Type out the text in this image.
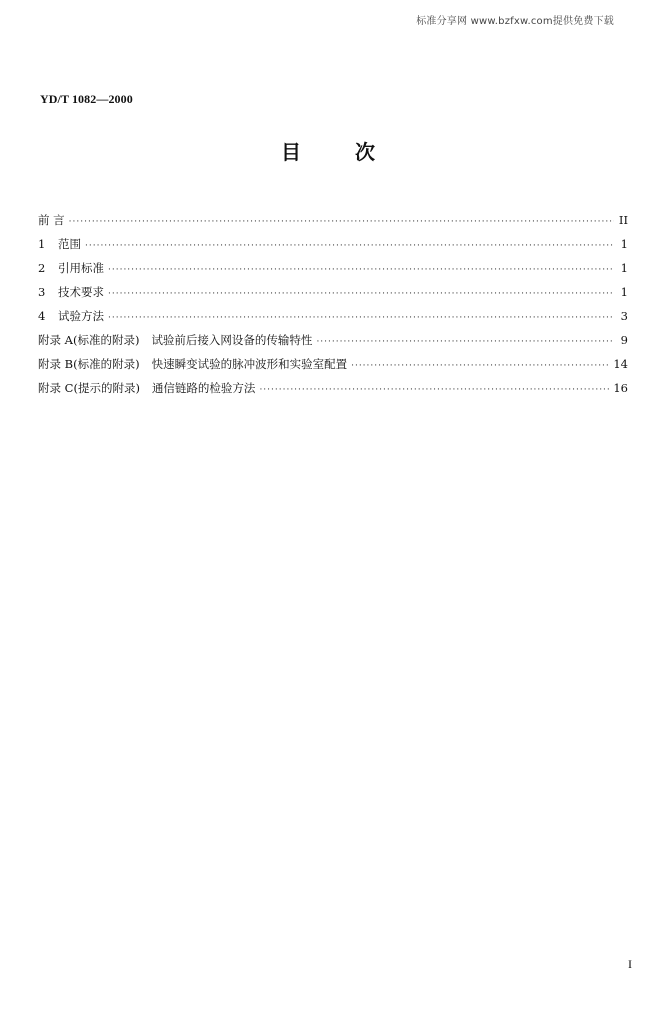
标准分享网 www.bzfxw.com提供免费下载
YD/T 1082—2000
目	次
前 言 ·····	II
1	范围 ·····	1
2	引用标准 ·····	1
3	技术要求 ·····	1
4	试验方法 ·····	3
附录 A(标准的附录) 试验前后接入网设备的传输特性 ·····	9
附录 B(标准的附录) 快速瞬变试验的脉冲波形和实验室配置 ·····	14
附录 C(提示的附录) 通信链路的检验方法 ·····	16
I
